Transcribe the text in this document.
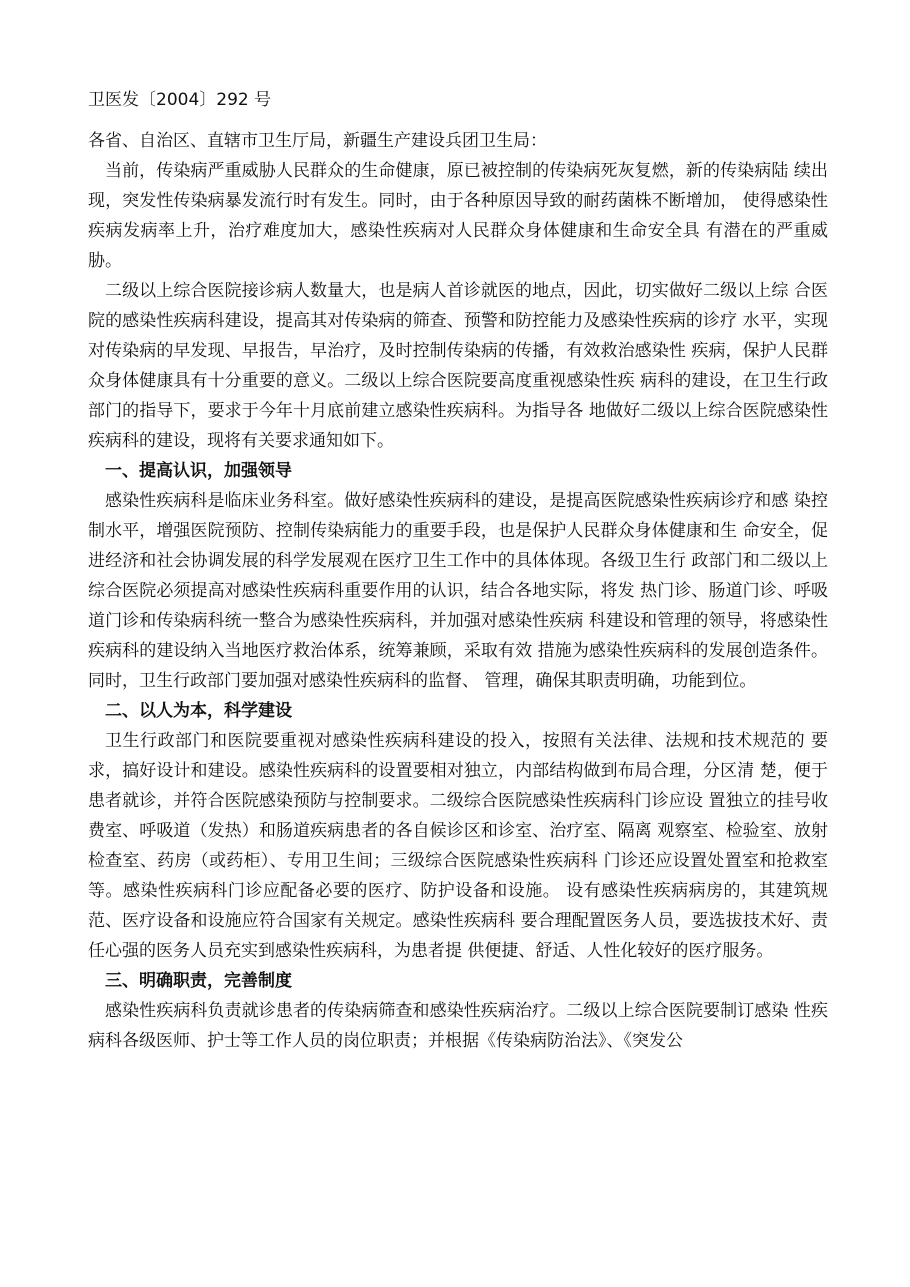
卫医发〔2004〕292 号

各省、自治区、直辖市卫生厅局，新疆生产建设兵团卫生局：

当前，传染病严重威胁人民群众的生命健康，原已被控制的传染病死灰复燃，新的传染病陆 续出现，突发性传染病暴发流行时有发生。同时，由于各种原因导致的耐药菌株不断增加， 使得感染性疾病发病率上升，治疗难度加大，感染性疾病对人民群众身体健康和生命安全具 有潜在的严重威胁。

二级以上综合医院接诊病人数量大，也是病人首诊就医的地点，因此，切实做好二级以上综 合医院的感染性疾病科建设，提高其对传染病的筛查、预警和防控能力及感染性疾病的诊疗 水平，实现对传染病的早发现、早报告，早治疗，及时控制传染病的传播，有效救治感染性 疾病，保护人民群众身体健康具有十分重要的意义。二级以上综合医院要高度重视感染性疾 病科的建设，在卫生行政部门的指导下，要求于今年十月底前建立感染性疾病科。为指导各 地做好二级以上综合医院感染性疾病科的建设，现将有关要求通知如下。

一、提高认识，加强领导

感染性疾病科是临床业务科室。做好感染性疾病科的建设，是提高医院感染性疾病诊疗和感 染控制水平，增强医院预防、控制传染病能力的重要手段，也是保护人民群众身体健康和生 命安全，促进经济和社会协调发展的科学发展观在医疗卫生工作中的具体体现。各级卫生行 政部门和二级以上综合医院必须提高对感染性疾病科重要作用的认识，结合各地实际，将发 热门诊、肠道门诊、呼吸道门诊和传染病科统一整合为感染性疾病科，并加强对感染性疾病 科建设和管理的领导，将感染性疾病科的建设纳入当地医疗救治体系，统筹兼顾，采取有效 措施为感染性疾病科的发展创造条件。同时，卫生行政部门要加强对感染性疾病科的监督、 管理，确保其职责明确，功能到位。

二、以人为本，科学建设

卫生行政部门和医院要重视对感染性疾病科建设的投入，按照有关法律、法规和技术规范的 要求，搞好设计和建设。感染性疾病科的设置要相对独立，内部结构做到布局合理，分区清 楚，便于患者就诊，并符合医院感染预防与控制要求。二级综合医院感染性疾病科门诊应设 置独立的挂号收费室、呼吸道（发热）和肠道疾病患者的各自候诊区和诊室、治疗室、隔离 观察室、检验室、放射检查室、药房（或药柜）、专用卫生间；三级综合医院感染性疾病科 门诊还应设置处置室和抢救室等。感染性疾病科门诊应配备必要的医疗、防护设备和设施。 设有感染性疾病病房的，其建筑规范、医疗设备和设施应符合国家有关规定。感染性疾病科 要合理配置医务人员，要选拔技术好、责任心强的医务人员充实到感染性疾病科，为患者提 供便捷、舒适、人性化较好的医疗服务。

三、明确职责，完善制度

感染性疾病科负责就诊患者的传染病筛查和感染性疾病治疗。二级以上综合医院要制订感染 性疾病科各级医师、护士等工作人员的岗位职责；并根据《传染病防治法》、《突发公
